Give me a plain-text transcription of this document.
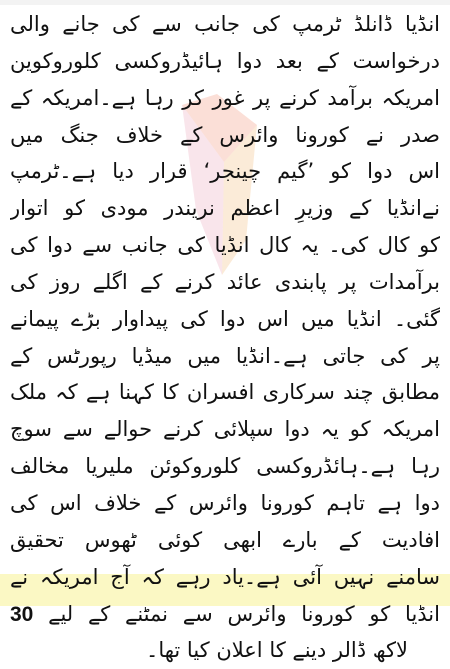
انڈیا ڈانلڈ ٹرمپ کی جانب سے کی جانے والی
درخواست کے بعد دوا ہائیڈروکسی کلوروکوین
امریکہ برآمد کرنے پر غور کر رہا ہے۔امریکہ کے
صدر نے کورونا وائرس کے خلاف جنگ میں
اس دوا کو ’گیم چینجر‘ قرار دیا ہے۔ٹرمپ
نےانڈیا کے وزیرِ اعظم نریندر مودی کو اتوار
کو کال کی۔ یہ کال انڈیا کی جانب سے دوا کی
برآمدات پر پابندی عائد کرنے کے اگلے روز کی
گئی۔ انڈیا میں اس دوا کی پیداوار بڑے پیمانے
پر کی جاتی ہے۔انڈیا میں میڈیا رپورٹس کے
مطابق چند سرکاری افسران کا کہنا ہے کہ ملک
امریکہ کو یہ دوا سپلائی کرنے حوالے سے سوچ
رہا ہے۔ہائڈروکسی کلوروکوئن ملیریا مخالف
دوا ہے تاہم کورونا وائرس کے خلاف اس کی
افادیت کے بارے ابھی کوئی ٹھوس تحقیق
سامنے نہیں آئی ہے۔یاد رہے کہ آج امریکہ نے
انڈیا کو کورونا وائرس سے نمٹنے کے لیے 30
لاکھ ڈالر دینے کا اعلان کیا تھا۔
